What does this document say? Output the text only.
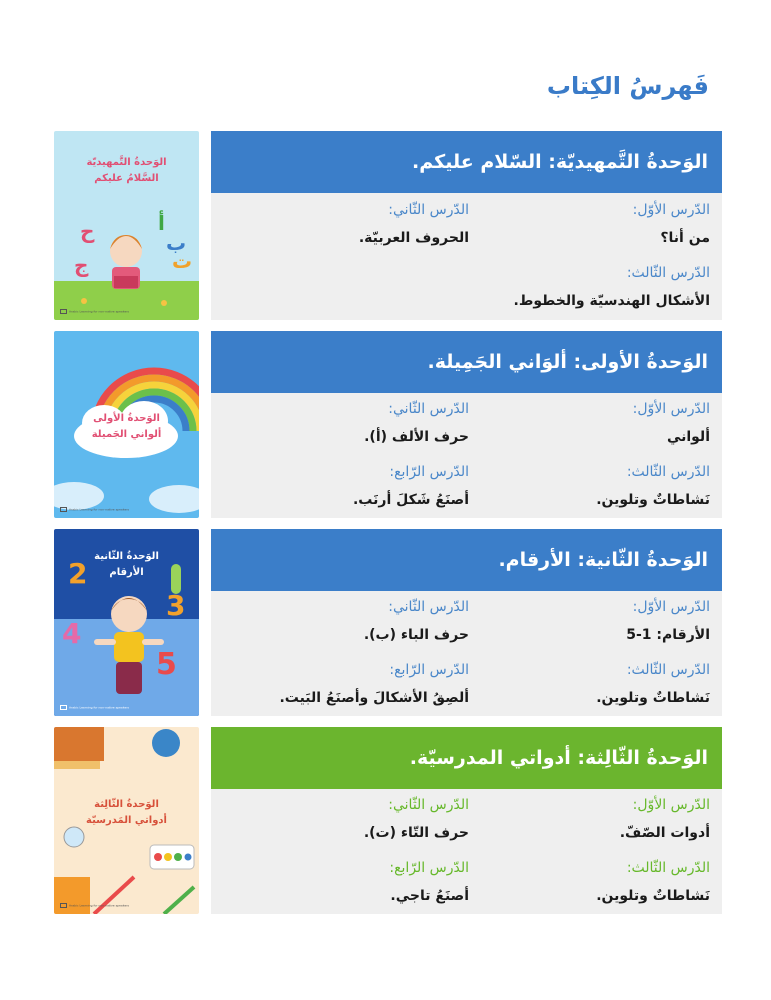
فَهرسُ الكِتاب
الوَحدةُ التَّمهيديّة
السَّلامُ عليكم
أ
ب
ت
ج
ح
Arabic Learning for non-native speakers
الوَحدةُ التَّمهيديّة: السّلام عليكم.
الدّرس الأوّل:
من أنا؟
الدّرس الثّاني:
الحروف العربيّة.
الدّرس الثّالث:
الأشكال الهندسيّة والخطوط.
الوَحدةُ الأولى
ألواني الجَميلة
Arabic Learning for non-native speakers
الوَحدةُ الأولى: ألوَاني الجَمِيلة.
الدّرس الأوّل:
ألواني
الدّرس الثّاني:
حرف الألف (أ).
الدّرس الثّالث:
نَشاطاتٌ وتلوين.
الدّرس الرّابع:
أصنَعُ شَكلَ أرنَب.
الوَحدةُ الثّانية
الأرقام
2
3
4
5
Arabic Learning for non-native speakers
الوَحدةُ الثّانية: الأرقام.
الدّرس الأوّل:
الأرقام: 1-5
الدّرس الثّاني:
حرف الباء (ب).
الدّرس الثّالث:
نَشاطاتٌ وتلوين.
الدّرس الرّابع:
ألصِقُ الأشكالَ وأصنَعُ البَيت.
الوَحدةُ الثّالِثة
أدواتي المَدرسيّة
Arabic Learning for non-native speakers
الوَحدةُ الثّالِثة: أدواتي المدرسيّة.
الدّرس الأوّل:
أدوات الصّفّ.
الدّرس الثّاني:
حرف التّاء (ت).
الدّرس الثّالث:
نَشاطاتٌ وتلوين.
الدّرس الرّابع:
أصنَعُ تاجي.
